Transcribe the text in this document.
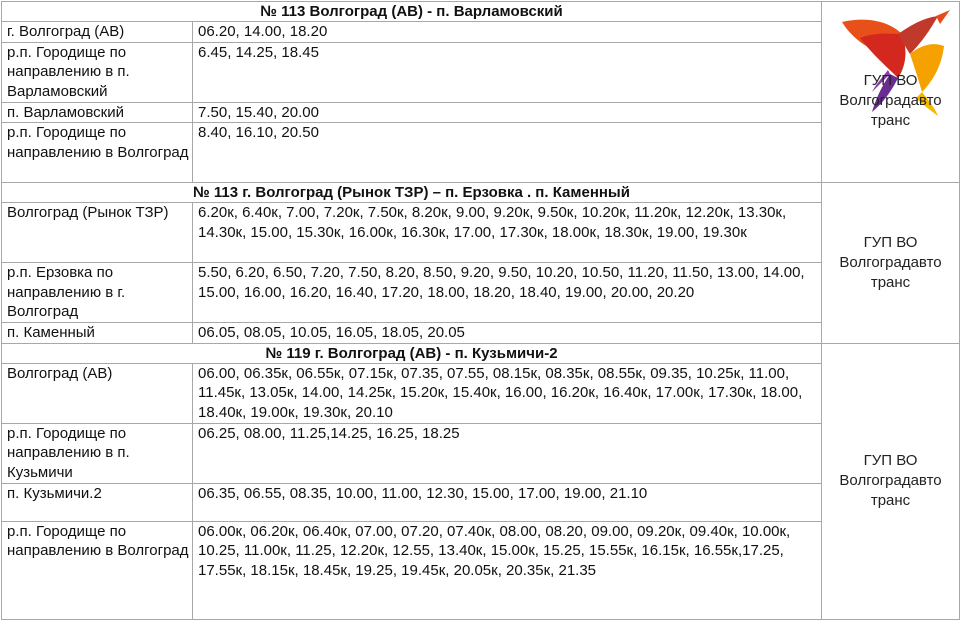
№ 113 Волгоград (АВ) - п. Варламовский		ГУП ВО Волгоградавто транс

г. Волгоград (АВ)	06.20, 14.00, 18.20	
р.п. Городище по направлению в п. Варламовский	6.45, 14.25, 18.45	
п. Варламовский	7.50, 15.40, 20.00	
р.п. Городище по направлению в Волгоград	8.40, 16.10, 20.50	
№ 113 г. Волгоград (Рынок ТЗР) – п. Ерзовка . п. Каменный		ГУП ВО Волгоградавто транс

Волгоград (Рынок ТЗР)	6.20к, 6.40к, 7.00, 7.20к, 7.50к, 8.20к, 9.00, 9.20к, 9.50к, 10.20к, 11.20к, 12.20к, 13.30к, 14.30к, 15.00, 15.30к, 16.00к, 16.30к, 17.00, 17.30к, 18.00к, 18.30к, 19.00, 19.30к	
р.п. Ерзовка по направлению в г. Волгоград	5.50, 6.20, 6.50, 7.20, 7.50, 8.20, 8.50, 9.20, 9.50, 10.20, 10.50, 11.20, 11.50, 13.00, 14.00, 15.00, 16.00, 16.20, 16.40, 17.20, 18.00, 18.20, 18.40, 19.00, 20.00, 20.20	
п. Каменный	06.05, 08.05, 10.05, 16.05, 18.05, 20.05	
№ 119 г. Волгоград (АВ) - п. Кузьмичи-2		ГУП ВО Волгоградавто транс

Волгоград (АВ)	06.00, 06.35к, 06.55к, 07.15к, 07.35, 07.55, 08.15к, 08.35к, 08.55к, 09.35, 10.25к, 11.00, 11.45к, 13.05к, 14.00, 14.25к, 15.20к, 15.40к, 16.00, 16.20к, 16.40к, 17.00к, 17.30к, 18.00, 18.40к, 19.00к, 19.30к, 20.10	
р.п. Городище по направлению в п. Кузьмичи	06.25, 08.00, 11.25,14.25, 16.25, 18.25	
п. Кузьмичи.2	06.35, 06.55, 08.35, 10.00, 11.00, 12.30, 15.00, 17.00, 19.00, 21.10	
р.п. Городище по направлению в Волгоград	06.00к, 06.20к, 06.40к, 07.00, 07.20, 07.40к, 08.00, 08.20, 09.00, 09.20к, 09.40к, 10.00к, 10.25, 11.00к, 11.25, 12.20к, 12.55, 13.40к, 15.00к, 15.25, 15.55к, 16.15к, 16.55к,17.25, 17.55к, 18.15к, 18.45к, 19.25, 19.45к, 20.05к, 20.35к, 21.35	
